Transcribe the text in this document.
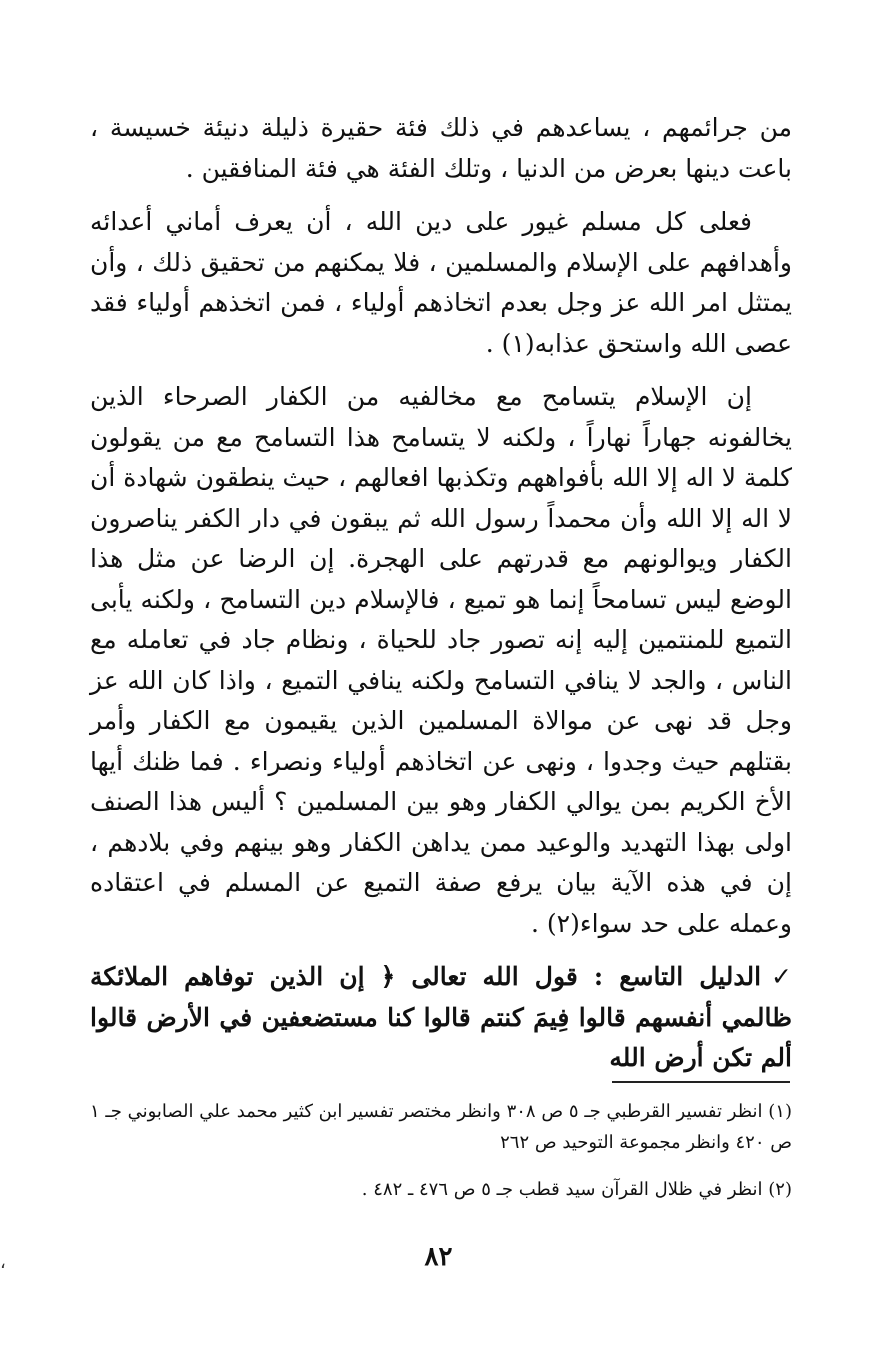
من جرائمهم ، يساعدهم في ذلك فئة حقيرة ذليلة دنيئة خسيسة ، باعت دينها بعرض من الدنيا ، وتلك الفئة هي فئة المنافقين .

فعلى كل مسلم غيور على دين الله ، أن يعرف أماني أعدائه وأهدافهم على الإسلام والمسلمين ، فلا يمكنهم من تحقيق ذلك ، وأن يمتثل امر الله عز وجل بعدم اتخاذهم أولياء ، فمن اتخذهم أولياء فقد عصى الله واستحق عذابه(١) .

إن الإسلام يتسامح مع مخالفيه من الكفار الصرحاء الذين يخالفونه جهاراً نهاراً ، ولكنه لا يتسامح هذا التسامح مع من يقولون كلمة لا اله إلا الله بأفواههم وتكذبها افعالهم ، حيث ينطقون شهادة أن لا اله إلا الله وأن محمداً رسول الله ثم يبقون في دار الكفر يناصرون الكفار ويوالونهم مع قدرتهم على الهجرة. إن الرضا عن مثل هذا الوضع ليس تسامحاً إنما هو تميع ، فالإسلام دين التسامح ، ولكنه يأبى التميع للمنتمين إليه إنه تصور جاد للحياة ، ونظام جاد في تعامله مع الناس ، والجد لا ينافي التسامح ولكنه ينافي التميع ، واذا كان الله عز وجل قد نهى عن موالاة المسلمين الذين يقيمون مع الكفار وأمر بقتلهم حيث وجدوا ، ونهى عن اتخاذهم أولياء ونصراء . فما ظنك أيها الأخ الكريم بمن يوالي الكفار وهو بين المسلمين ؟ أليس هذا الصنف اولى بهذا التهديد والوعيد ممن يداهن الكفار وهو بينهم وفي بلادهم ، إن في هذه الآية بيان يرفع صفة التميع عن المسلم في اعتقاده وعمله على حد سواء(٢) .

✓الدليل التاسع : قول الله تعالى ﴿ إن الذين توفاهم الملائكة ظالمي أنفسهم قالوا فِيمَ كنتم قالوا كنا مستضعفين في الأرض قالوا ألم تكن أرض الله

(١) انظر تفسير القرطبي جـ ٥ ص ٣٠٨ وانظر مختصر تفسير ابن كثير محمد علي الصابوني جـ ١ ص ٤٢٠ وانظر مجموعة التوحيد ص ٢٦٢

(٢) انظر في ظلال القرآن سيد قطب جـ ٥ ص ٤٧٦ ـ ٤٨٢ .

٨٢
،
